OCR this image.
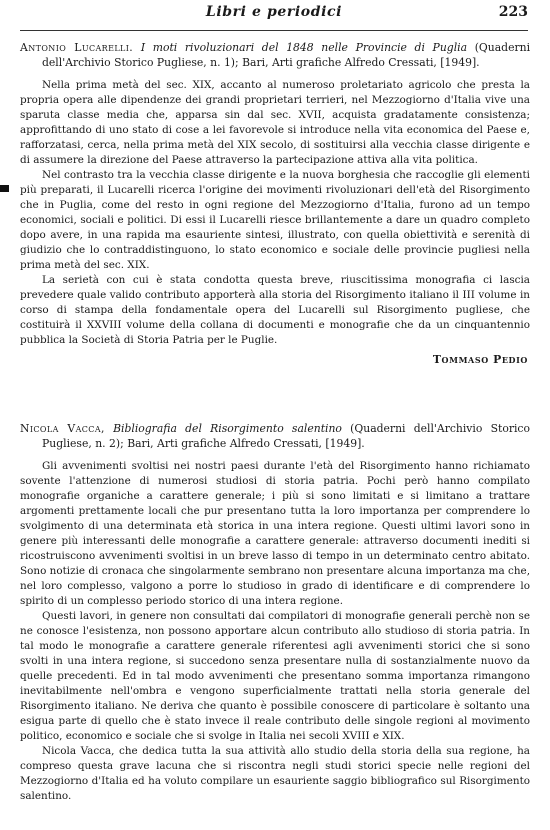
Libri e periodici	223

Antonio Lucarelli. I moti rivoluzionari del 1848 nelle Provincie di Puglia (Quaderni dell'Archivio Storico Pugliese, n. 1); Bari, Arti grafiche Alfredo Cressati, [1949].

Nella prima metà del sec. XIX, accanto al numeroso proletariato agricolo che presta la propria opera alle dipendenze dei grandi proprietari terrieri, nel Mezzogiorno d'Italia vive una sparuta classe media che, apparsa sin dal sec. XVII, acquista gradatamente consistenza; approfittando di uno stato di cose a lei favorevole si introduce nella vita economica del Paese e, rafforzatasi, cerca, nella prima metà del XIX secolo, di sostituirsi alla vecchia classe dirigente e di assumere la direzione del Paese attraverso la partecipazione attiva alla vita politica.

Nel contrasto tra la vecchia classe dirigente e la nuova borghesia che raccoglie gli elementi più preparati, il Lucarelli ricerca l'origine dei movimenti rivoluzionari dell'età del Risorgimento che in Puglia, come del resto in ogni regione del Mezzogiorno d'Italia, furono ad un tempo economici, sociali e politici. Di essi il Lucarelli riesce brillantemente a dare un quadro completo dopo avere, in una rapida ma esauriente sintesi, illustrato, con quella obiettività e serenità di giudizio che lo contraddistinguono, lo stato economico e sociale delle provincie pugliesi nella prima metà del sec. XIX.

La serietà con cui è stata condotta questa breve, riuscitissima monografia ci lascia prevedere quale valido contributo apporterà alla storia del Risorgimento italiano il III volume in corso di stampa della fondamentale opera del Lucarelli sul Risorgimento pugliese, che costituirà il XXVIII volume della collana di documenti e monografie che da un cinquantennio pubblica la Società di Storia Patria per le Puglie.

Tommaso Pedio

Nicola Vacca, Bibliografia del Risorgimento salentino (Quaderni dell'Archivio Storico Pugliese, n. 2); Bari, Arti grafiche Alfredo Cressati, [1949].

Gli avvenimenti svoltisi nei nostri paesi durante l'età del Risorgimento hanno richiamato sovente l'attenzione di numerosi studiosi di storia patria. Pochi però hanno compilato monografie organiche a carattere generale; i più si sono limitati e si limitano a trattare argomenti prettamente locali che pur presentano tutta la loro importanza per comprendere lo svolgimento di una determinata età storica in una intera regione. Questi ultimi lavori sono in genere più interessanti delle monografie a carattere generale: attraverso documenti inediti si ricostruiscono avvenimenti svoltisi in un breve lasso di tempo in un determinato centro abitato. Sono notizie di cronaca che singolarmente sembrano non presentare alcuna importanza ma che, nel loro complesso, valgono a porre lo studioso in grado di identificare e di comprendere lo spirito di un complesso periodo storico di una intera regione.

Questi lavori, in genere non consultati dai compilatori di monografie generali perchè non se ne conosce l'esistenza, non possono apportare alcun contributo allo studioso di storia patria. In tal modo le monografie a carattere generale riferentesi agli avvenimenti storici che si sono svolti in una intera regione, si succedono senza presentare nulla di sostanzialmente nuovo da quelle precedenti. Ed in tal modo avvenimenti che presentano somma importanza rimangono inevitabilmente nell'ombra e vengono superficialmente trattati nella storia generale del Risorgimento italiano. Ne deriva che quanto è possibile conoscere di particolare è soltanto una esigua parte di quello che è stato invece il reale contributo delle singole regioni al movimento politico, economico e sociale che si svolge in Italia nei secoli XVIII e XIX.

Nicola Vacca, che dedica tutta la sua attività allo studio della storia della sua regione, ha compreso questa grave lacuna che si riscontra negli studi storici specie nelle regioni del Mezzogiorno d'Italia ed ha voluto compilare un esauriente saggio bibliografico sul Risorgimento salentino.
